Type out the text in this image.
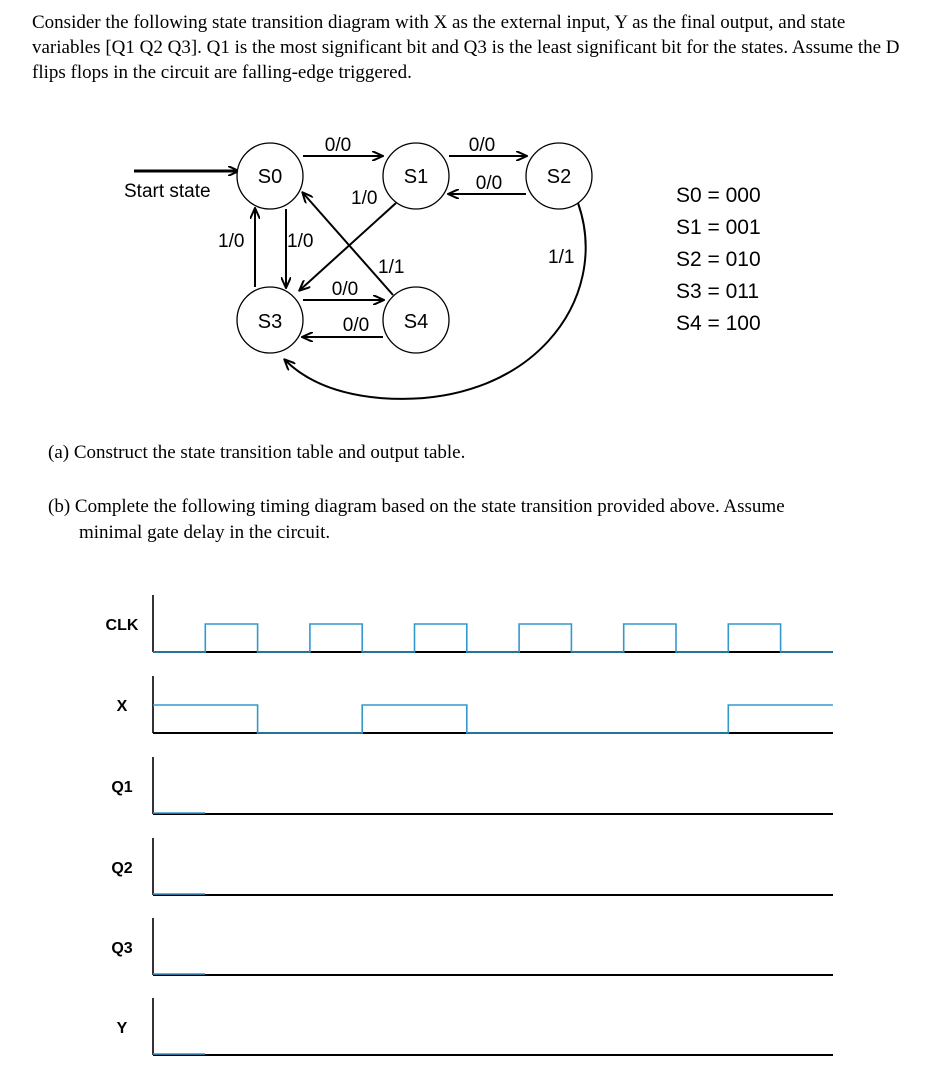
Consider the following state transition diagram with X as the external input, Y as the final output, and state variables [Q1 Q2 Q3]. Q1 is the most significant bit and Q3 is the least significant bit for the states. Assume the D flips flops in the circuit are falling-edge triggered.
Start state
S0	S1	S2
S3	S4
0/0	0/0
0/0
1/0
1/1
1/0 1/0
0/0
0/0
1/1
S0 = 000
S1 = 001
S2 = 010
S3 = 011
S4 = 100
(a) Construct the state transition table and output table.
(b) Complete the following timing diagram based on the state transition provided above. Assume
minimal gate delay in the circuit.
CLK
X
Q1
Q2
Q3
Y
